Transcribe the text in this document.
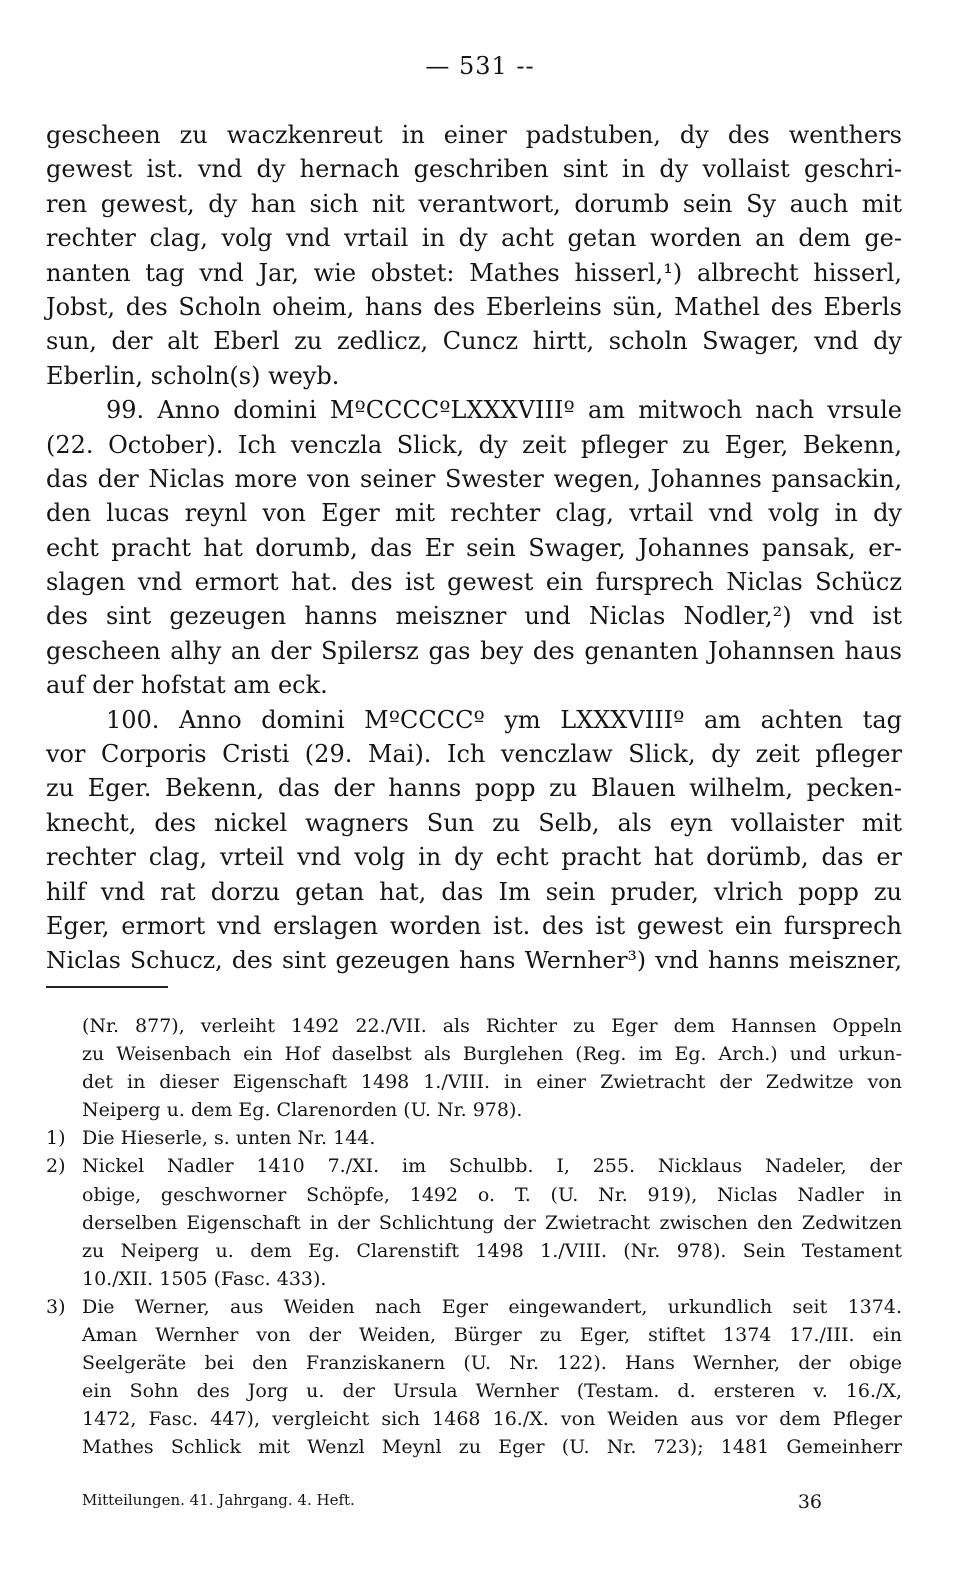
— 531 --
gescheen zu waczkenreut in einer padstuben, dy des wenthers
gewest ist. vnd dy hernach geschriben sint in dy vollaist geschri-
ren gewest, dy han sich nit verantwort, dorumb sein Sy auch mit
rechter clag, volg vnd vrtail in dy acht getan worden an dem ge-
nanten tag vnd Jar, wie obstet: Mathes hisserl,¹) albrecht hisserl,
Jobst, des Scholn oheim, hans des Eberleins sün, Mathel des Eberls
sun, der alt Eberl zu zedlicz, Cuncz hirtt, scholn Swager, vnd dy
Eberlin, scholn(s) weyb.
99. Anno domini MºCCCCºLXXXVIIIº am mitwoch nach vrsule
(22. October). Ich venczla Slick, dy zeit pfleger zu Eger, Bekenn,
das der Niclas more von seiner Swester wegen, Johannes pansackin,
den lucas reynl von Eger mit rechter clag, vrtail vnd volg in dy
echt pracht hat dorumb, das Er sein Swager, Johannes pansak, er-
slagen vnd ermort hat. des ist gewest ein fursprech Niclas Schücz
des sint gezeugen hanns meiszner und Niclas Nodler,²) vnd ist
gescheen alhy an der Spilersz gas bey des genanten Johannsen haus
auf der hofstat am eck.
100. Anno domini MºCCCCº ym LXXXVIIIº am achten tag
vor Corporis Cristi (29. Mai). Ich venczlaw Slick, dy zeit pfleger
zu Eger. Bekenn, das der hanns popp zu Blauen wilhelm, pecken-
knecht, des nickel wagners Sun zu Selb, als eyn vollaister mit
rechter clag, vrteil vnd volg in dy echt pracht hat dorümb, das er
hilf vnd rat dorzu getan hat, das Im sein pruder, vlrich popp zu
Eger, ermort vnd erslagen worden ist. des ist gewest ein fursprech
Niclas Schucz, des sint gezeugen hans Wernher³) vnd hanns meiszner,
(Nr. 877), verleiht 1492 22./VII. als Richter zu Eger dem Hannsen Oppeln
zu Weisenbach ein Hof daselbst als Burglehen (Reg. im Eg. Arch.) und urkun-
det in dieser Eigenschaft 1498 1./VIII. in einer Zwietracht der Zedwitze von
Neiperg u. dem Eg. Clarenorden (U. Nr. 978).
1) Die Hieserle, s. unten Nr. 144.
2) Nickel Nadler 1410 7./XI. im Schulbb. I, 255. Nicklaus Nadeler, der
obige, geschworner Schöpfe, 1492 o. T. (U. Nr. 919), Niclas Nadler in
derselben Eigenschaft in der Schlichtung der Zwietracht zwischen den Zedwitzen
zu Neiperg u. dem Eg. Clarenstift 1498 1./VIII. (Nr. 978). Sein Testament
10./XII. 1505 (Fasc. 433).
3) Die Werner, aus Weiden nach Eger eingewandert, urkundlich seit 1374.
Aman Wernher von der Weiden, Bürger zu Eger, stiftet 1374 17./III. ein
Seelgeräte bei den Franziskanern (U. Nr. 122). Hans Wernher, der obige
ein Sohn des Jorg u. der Ursula Wernher (Testam. d. ersteren v. 16./X,
1472, Fasc. 447), vergleicht sich 1468 16./X. von Weiden aus vor dem Pfleger
Mathes Schlick mit Wenzl Meynl zu Eger (U. Nr. 723); 1481 Gemeinherr
Mitteilungen. 41. Jahrgang. 4. Heft.	36
